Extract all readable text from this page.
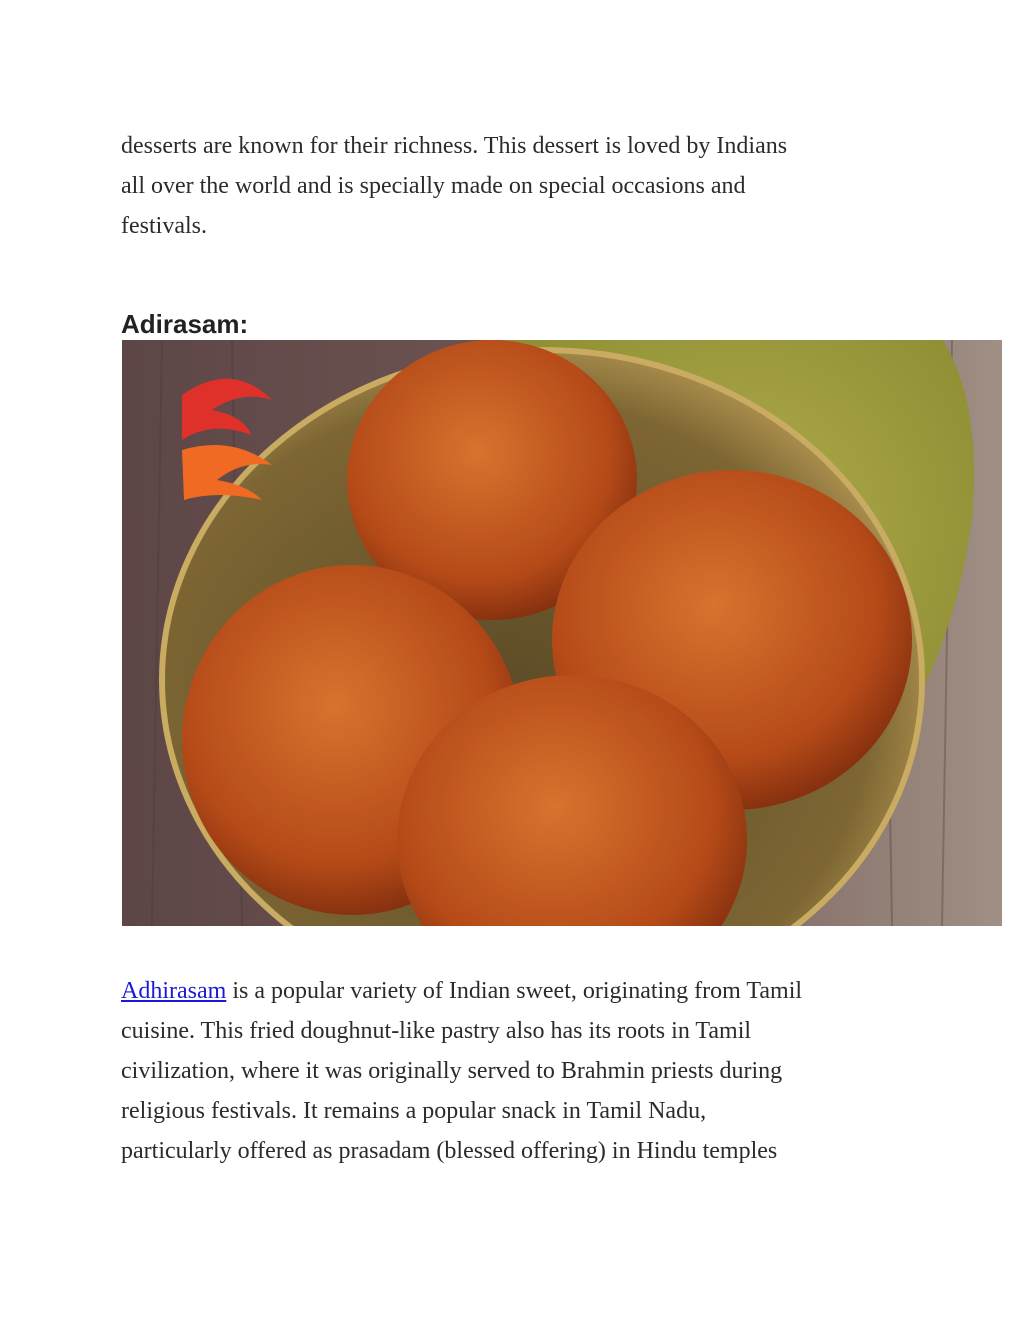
desserts are known for their richness. This dessert is loved by Indians
all over the world and is specially made on special occasions and
festivals.

Adirasam:

Adhirasam is a popular variety of Indian sweet, originating from Tamil
cuisine. This fried doughnut-like pastry also has its roots in Tamil
civilization, where it was originally served to Brahmin priests during
religious festivals. It remains a popular snack in Tamil Nadu,
particularly offered as prasadam (blessed offering) in Hindu temples
